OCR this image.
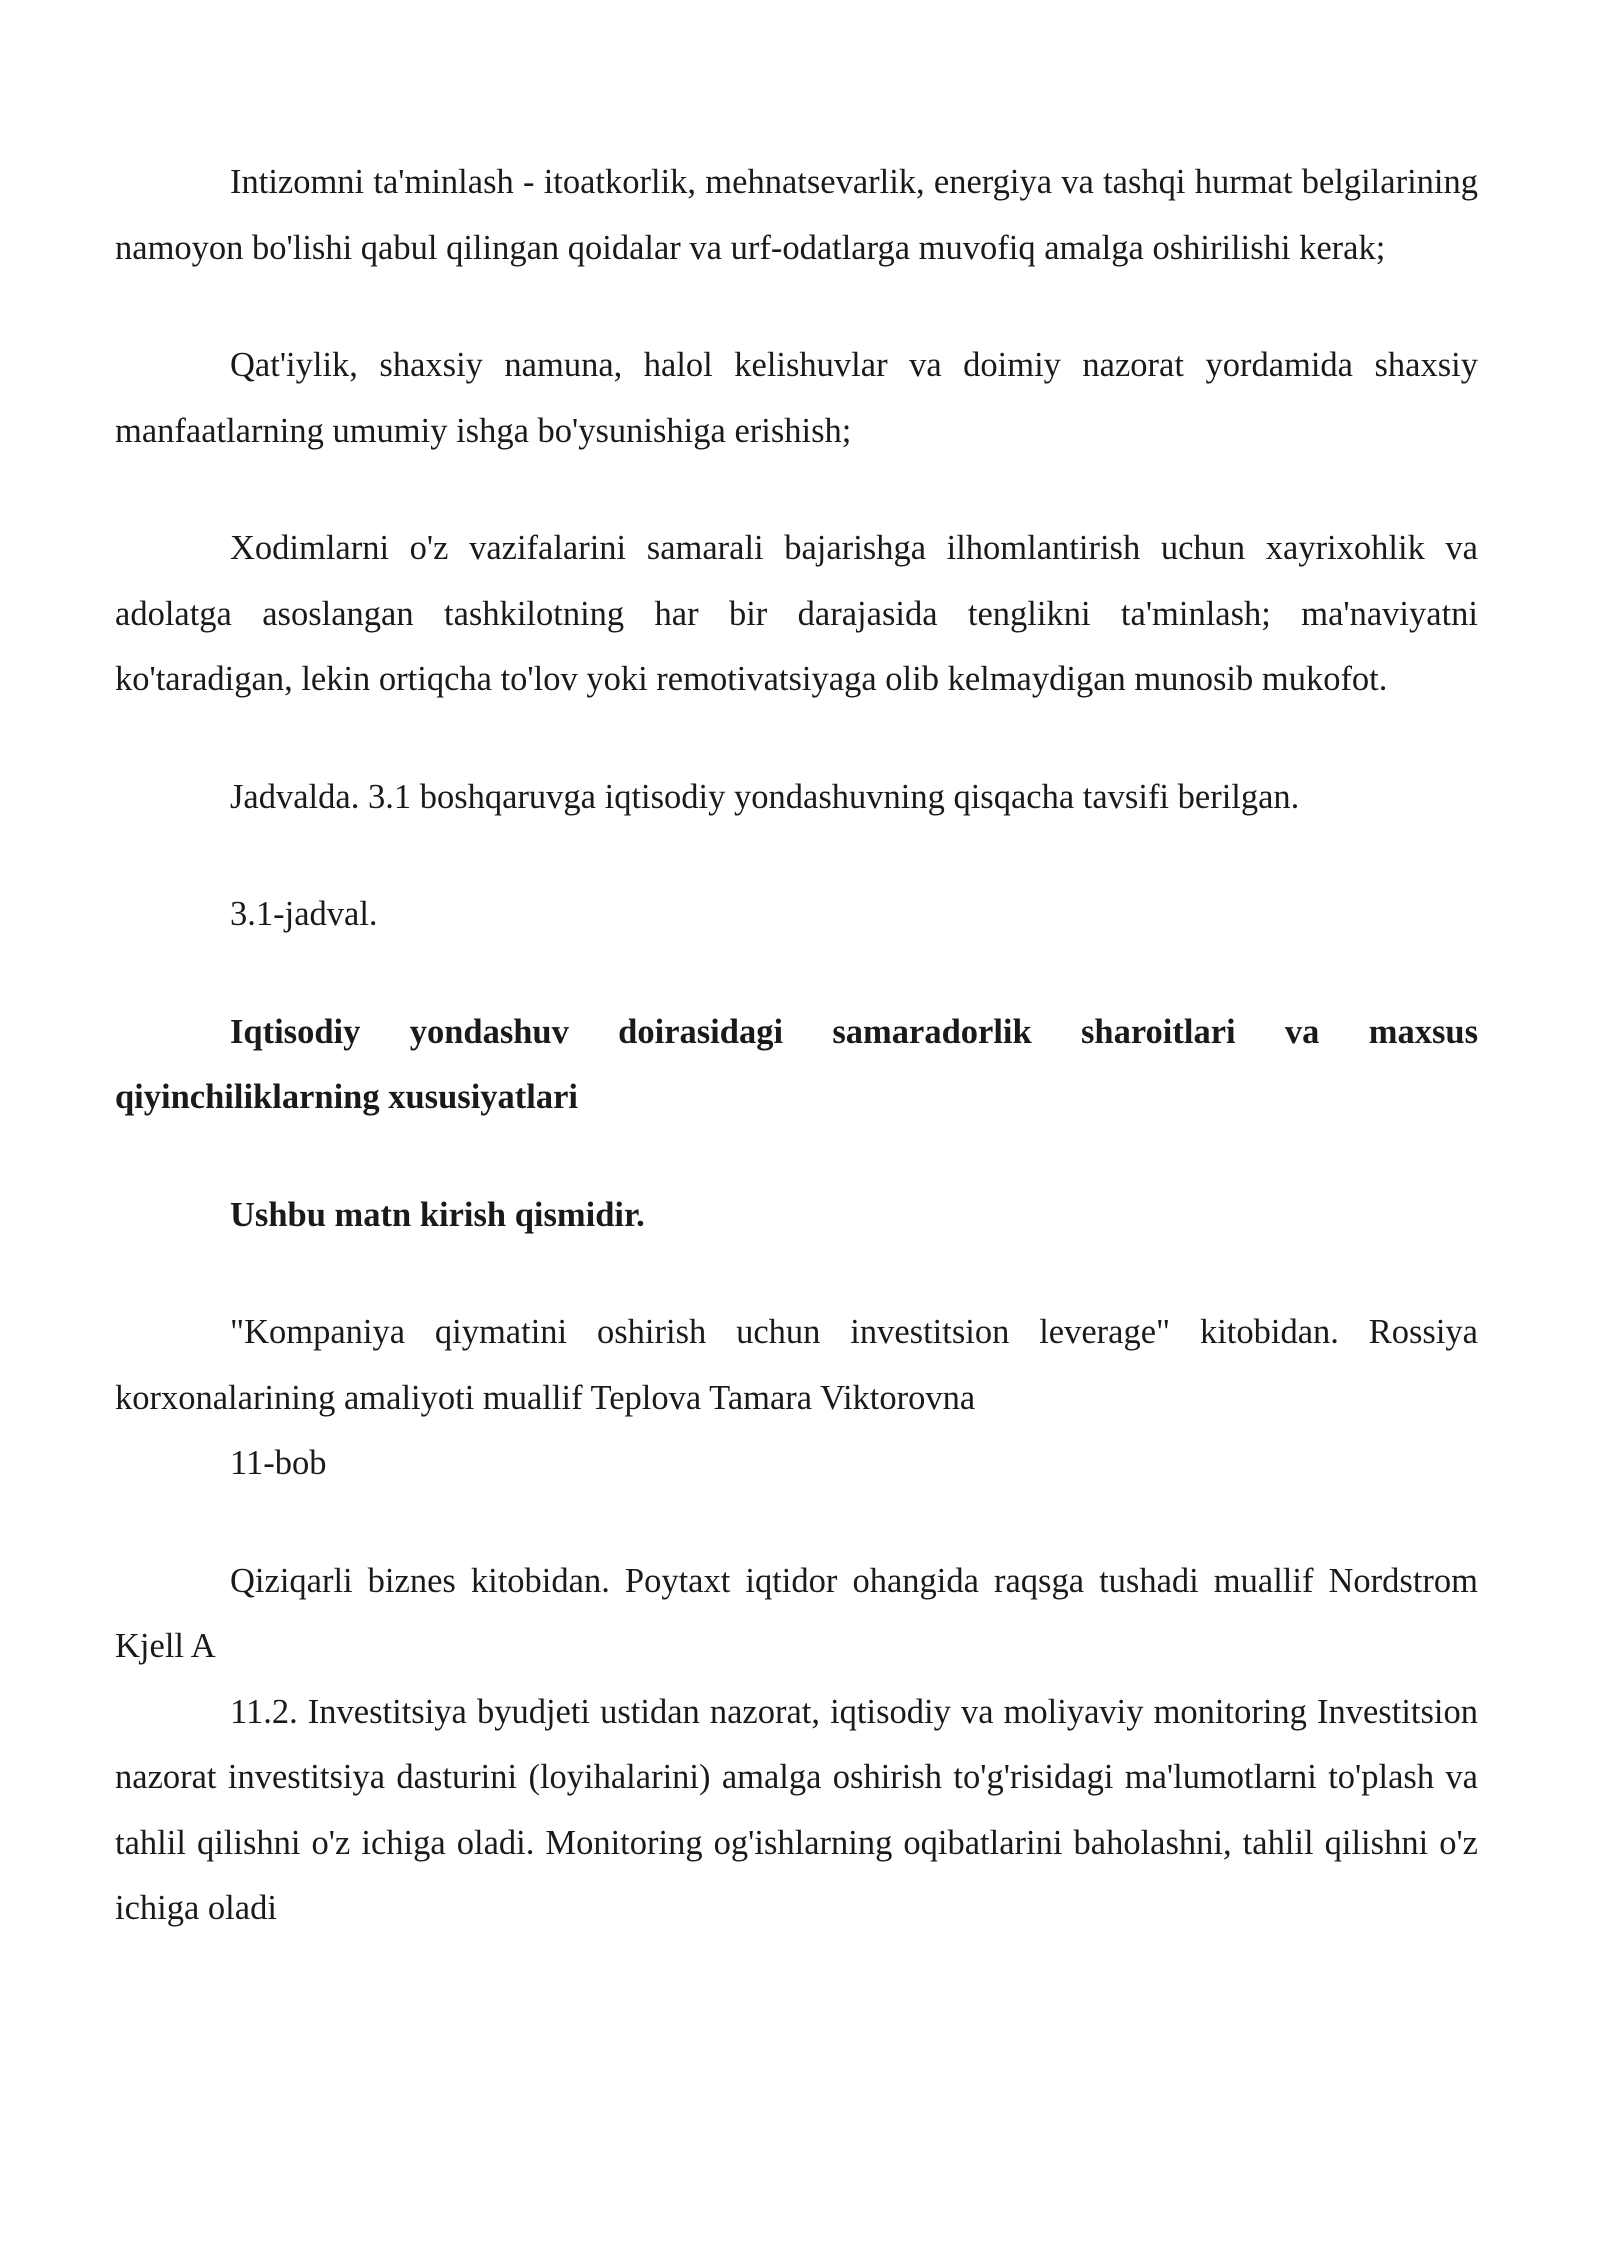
Intizomni ta'minlash - itoatkorlik, mehnatsevarlik, energiya va tashqi hurmat belgilarining namoyon bo'lishi qabul qilingan qoidalar va urf-odatlarga muvofiq amalga oshirilishi kerak;

Qat'iylik, shaxsiy namuna, halol kelishuvlar va doimiy nazorat yordamida shaxsiy manfaatlarning umumiy ishga bo'ysunishiga erishish;

Xodimlarni o'z vazifalarini samarali bajarishga ilhomlantirish uchun xayrixohlik va adolatga asoslangan tashkilotning har bir darajasida tenglikni ta'minlash; ma'naviyatni ko'taradigan, lekin ortiqcha to'lov yoki remotivatsiyaga olib kelmaydigan munosib mukofot.

Jadvalda. 3.1 boshqaruvga iqtisodiy yondashuvning qisqacha tavsifi berilgan.

3.1-jadval.

Iqtisodiy yondashuv doirasidagi samaradorlik sharoitlari va maxsus qiyinchiliklarning xususiyatlari

Ushbu matn kirish qismidir.

"Kompaniya qiymatini oshirish uchun investitsion leverage" kitobidan. Rossiya korxonalarining amaliyoti muallif Teplova Tamara Viktorovna

11-bob

Qiziqarli biznes kitobidan. Poytaxt iqtidor ohangida raqsga tushadi muallif Nordstrom Kjell A

11.2. Investitsiya byudjeti ustidan nazorat, iqtisodiy va moliyaviy monitoring Investitsion nazorat investitsiya dasturini (loyihalarini) amalga oshirish to'g'risidagi ma'lumotlarni to'plash va tahlil qilishni o'z ichiga oladi. Monitoring og'ishlarning oqibatlarini baholashni, tahlil qilishni o'z ichiga oladi
